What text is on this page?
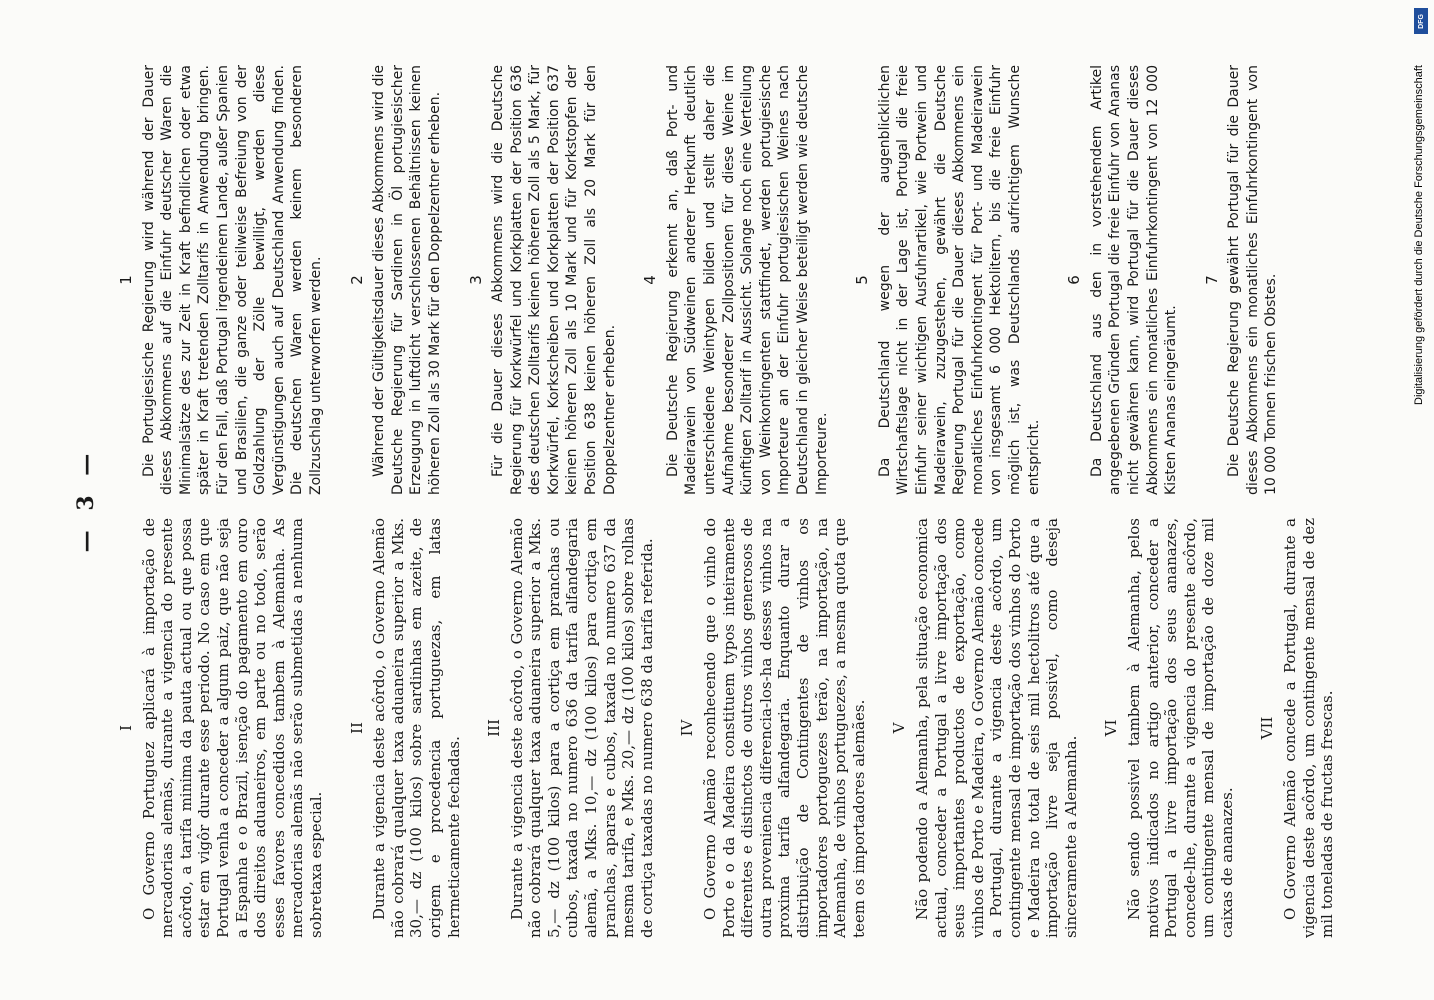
— 3 —
I O Governo Portuguez aplicará à importação de mercadorias alemãs, durante a vigencia do presente acôrdo, a tarifa minima da pauta actual ou que possa estar em vigôr durante esse periodo. No caso em que Portugal venha a conceder a algum paiz, que não seja a Espanha e o Brazil, isenção do pagamento em ouro dos direitos aduaneiros, em parte ou no todo, serão esses favores concedidos tambem à Alemanha. As mercadorias alemãs não serão submetidas a nenhuma sobretaxa especial.

II Durante a vigencia deste acôrdo, o Governo Alemão não cobrará qualquer taxa aduaneira superior a Mks. 30,— dz (100 kilos) sobre sardinhas em azeite, de origem e procedencia portuguezas, em latas hermeticamente fechadas.

III Durante a vigencia deste acôrdo, o Governo Alemão não cobrará qualquer taxa aduaneira superior a Mks. 5,— dz (100 kilos) para a cortiça em pranchas ou cubos, taxada no numero 636 da tarifa alfandegaria alemã, a Mks. 10,— dz (100 kilos) para cortiça em pranchas, aparas e cubos, taxada no numero 637 da mesma tarifa, e Mks. 20,— dz (100 kilos) sobre rolhas de cortiça taxadas no numero 638 da tarifa referida. IV O Governo Alemão reconhecendo que o vinho do Porto e o da Madeira constituem typos inteiramente diferentes e distinctos de outros vinhos generosos de outra proveniencia diferencia-los-ha desses vinhos na proxima tarifa alfandegaria. Enquanto durar a distribuição de Contingentes de vinhos os importadores portoguezes terão, na importação, na Alemanha, de vinhos portuguezes, a mesma quota que teem os importadores alemães. V Não podendo a Alemanha, pela situação economica actual, conceder a Portugal a livre importação dos seus importantes productos de exportação, como vinhos de Porto e Madeira, o Governo Alemão concede a Portugal, durante a vigencia deste acôrdo, um contingente mensal de importação dos vinhos do Porto e Madeira no total de seis mil hectolitros até que a importação livre seja possivel, como deseja sinceramente a Alemanha.

VI Não sendo possivel tambem à Alemanha, pelos motivos indicados no artigo anterior, conceder a Portugal a livre importação dos seus ananazes, concede-lhe, durante a vigencia do presente acôrdo, um contingente mensal de importação de doze mil caixas de ananazes.

VII O Governo Alemão concede a Portugal, durante a vigencia deste acôrdo, um contingente mensal de dez mil toneladas de fructas frescas.

1 Die Portugiesische Regierung wird während der Dauer dieses Abkommens auf die Einfuhr deutscher Waren die Minimalsätze des zur Zeit in Kraft befindlichen oder etwa später in Kraft tretenden Zolltarifs in Anwendung bringen. Für den Fall, daß Portugal irgendeinem Lande, außer Spanien und Brasilien, die ganze oder teilweise Befreiung von der Goldzahlung der Zölle bewilligt, werden diese Vergünstigungen auch auf Deutschland Anwendung finden. Die deutschen Waren werden keinem besonderen Zollzuschlag unterworfen werden. 2 Während der Gültigkeitsdauer dieses Abkommens wird die Deutsche Regierung für Sardinen in Öl portugiesischer Erzeugung in luftdicht verschlossenen Behältnissen keinen höheren Zoll als 30 Mark für den Doppelzentner erheben. 3 Für die Dauer dieses Abkommens wird die Deutsche Regierung für Korkwürfel und Korkplatten der Position 636 des deutschen Zolltarifs keinen höheren Zoll als 5 Mark, für Korkwürfel, Korkscheiben und Korkplatten der Position 637 keinen höheren Zoll als 10 Mark und für Korkstopfen der Position 638 keinen höheren Zoll als 20 Mark für den Doppelzentner erheben.

4 Die Deutsche Regierung erkennt an, daß Port- und Madeirawein von Südweinen anderer Herkunft deutlich unterschiedene Weintypen bilden und stellt daher die Aufnahme besonderer Zollpositionen für diese Weine im künftigen Zolltarif in Aussicht. Solange noch eine Verteilung von Weinkontingenten stattfindet, werden portugiesische Importeure an der Einfuhr portugiesischen Weines nach Deutschland in gleicher Weise beteiligt werden wie deutsche Importeure.

5 Da Deutschland wegen der augenblicklichen Wirtschaftslage nicht in der Lage ist, Portugal die freie Einfuhr seiner wichtigen Ausfuhrartikel, wie Portwein und Madeirawein, zuzugestehen, gewährt die Deutsche Regierung Portugal für die Dauer dieses Abkommens ein monatliches Einfuhrkontingent für Port- und Madeirawein von insgesamt 6 000 Hektolitern, bis die freie Einfuhr möglich ist, was Deutschlands aufrichtigem Wunsche entspricht.

6 Da Deutschland aus den in vorstehendem Artikel angegebenen Gründen Portugal die freie Einfuhr von Ananas nicht gewähren kann, wird Portugal für die Dauer dieses Abkommens ein monatliches Einfuhrkontingent von 12 000 Kisten Ananas eingeräumt.

7 Die Deutsche Regierung gewährt Portugal für die Dauer dieses Abkommens ein monatliches Einfuhrkontingent von 10 000 Tonnen frischen Obstes.

DFG
Digitalisierung gefördert durch die Deutsche Forschungsgemeinschaft
